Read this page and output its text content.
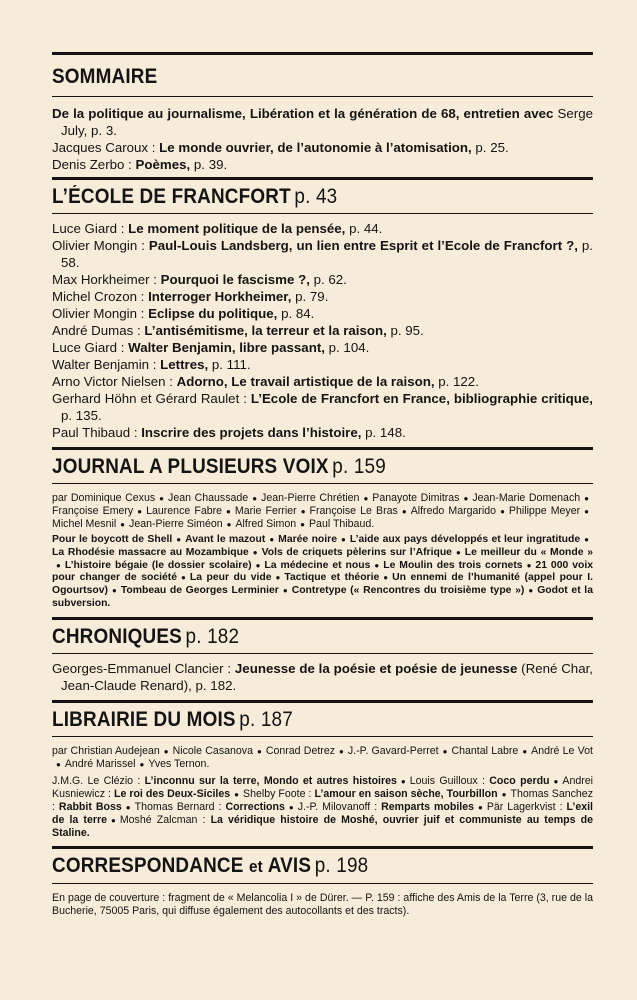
SOMMAIRE

De la politique au journalisme, Libération et la génération de 68, entretien avec Serge July, p. 3.

Jacques Caroux : Le monde ouvrier, de l’autonomie à l’atomisation, p. 25.

Denis Zerbo : Poèmes, p. 39.

L’ÉCOLE DE FRANCFORT p. 43

Luce Giard : Le moment politique de la pensée, p. 44.

Olivier Mongin : Paul-Louis Landsberg, un lien entre Esprit et l’Ecole de Francfort ?, p. 58.

Max Horkheimer : Pourquoi le fascisme ?, p. 62.

Michel Crozon : Interroger Horkheimer, p. 79.

Olivier Mongin : Eclipse du politique, p. 84.

André Dumas : L’antisémitisme, la terreur et la raison, p. 95.

Luce Giard : Walter Benjamin, libre passant, p. 104.

Walter Benjamin : Lettres, p. 111.

Arno Victor Nielsen : Adorno, Le travail artistique de la raison, p. 122.

Gerhard Höhn et Gérard Raulet : L’Ecole de Francfort en France, bibliographie critique, p. 135.

Paul Thibaud : Inscrire des projets dans l’histoire, p. 148.

JOURNAL A PLUSIEURS VOIX p. 159

par Dominique Cexus ● Jean Chaussade ● Jean-Pierre Chrétien ● Panayote Dimitras ● Jean-Marie Domenach ●Françoise Emery ● Laurence Fabre ● Marie Ferrier ● Françoise Le Bras ● Alfredo Margarido ● Philippe Meyer ●Michel Mesnil ● Jean-Pierre Siméon ● Alfred Simon ● Paul Thibaud.

Pour le boycott de Shell ● Avant le mazout ● Marée noire ● L’aide aux pays développés et leur ingratitude ●La Rhodésie massacre au Mozambique ● Vols de criquets pèlerins sur l’Afrique ● Le meilleur du « Monde »● L’histoire bégaie (le dossier scolaire) ● La médecine et nous ● Le Moulin des trois cornets ● 21 000 voix pour changer de société ● La peur du vide ● Tactique et théorie ● Un ennemi de l’humanité (appel pour I. Ogourtsov) ● Tombeau de Georges Lerminier ● Contretype (« Rencontres du troisième type ») ● Godot et la subversion.

CHRONIQUES p. 182

Georges-Emmanuel Clancier : Jeunesse de la poésie et poésie de jeunesse (René Char, Jean-Claude Renard), p. 182.

LIBRAIRIE DU MOIS p. 187

par Christian Audejean ● Nicole Casanova ● Conrad Detrez ● J.-P. Gavard-Perret ● Chantal Labre ● André Le Vot● André Marissel ● Yves Ternon.

J.M.G. Le Clézio : L’inconnu sur la terre, Mondo et autres histoires ● Louis Guilloux : Coco perdu ● Andrei Kusniewicz : Le roi des Deux-Siciles ● Shelby Foote : L’amour en saison sèche, Tourbillon ● Thomas Sanchez : Rabbit Boss ● Thomas Bernard : Corrections ● J.-P. Milovanoff : Remparts mobiles ● Pär Lagerkvist : L’exil de la terre ● Moshé Zalcman : La véridique histoire de Moshé, ouvrier juif et communiste au temps de Staline.

CORRESPONDANCE et AVIS p. 198

En page de couverture : fragment de « Melancolia I » de Dürer. — P. 159 : affiche des Amis de la Terre (3, rue de la Bucherie, 75005 Paris, qui diffuse également des autocollants et des tracts).
